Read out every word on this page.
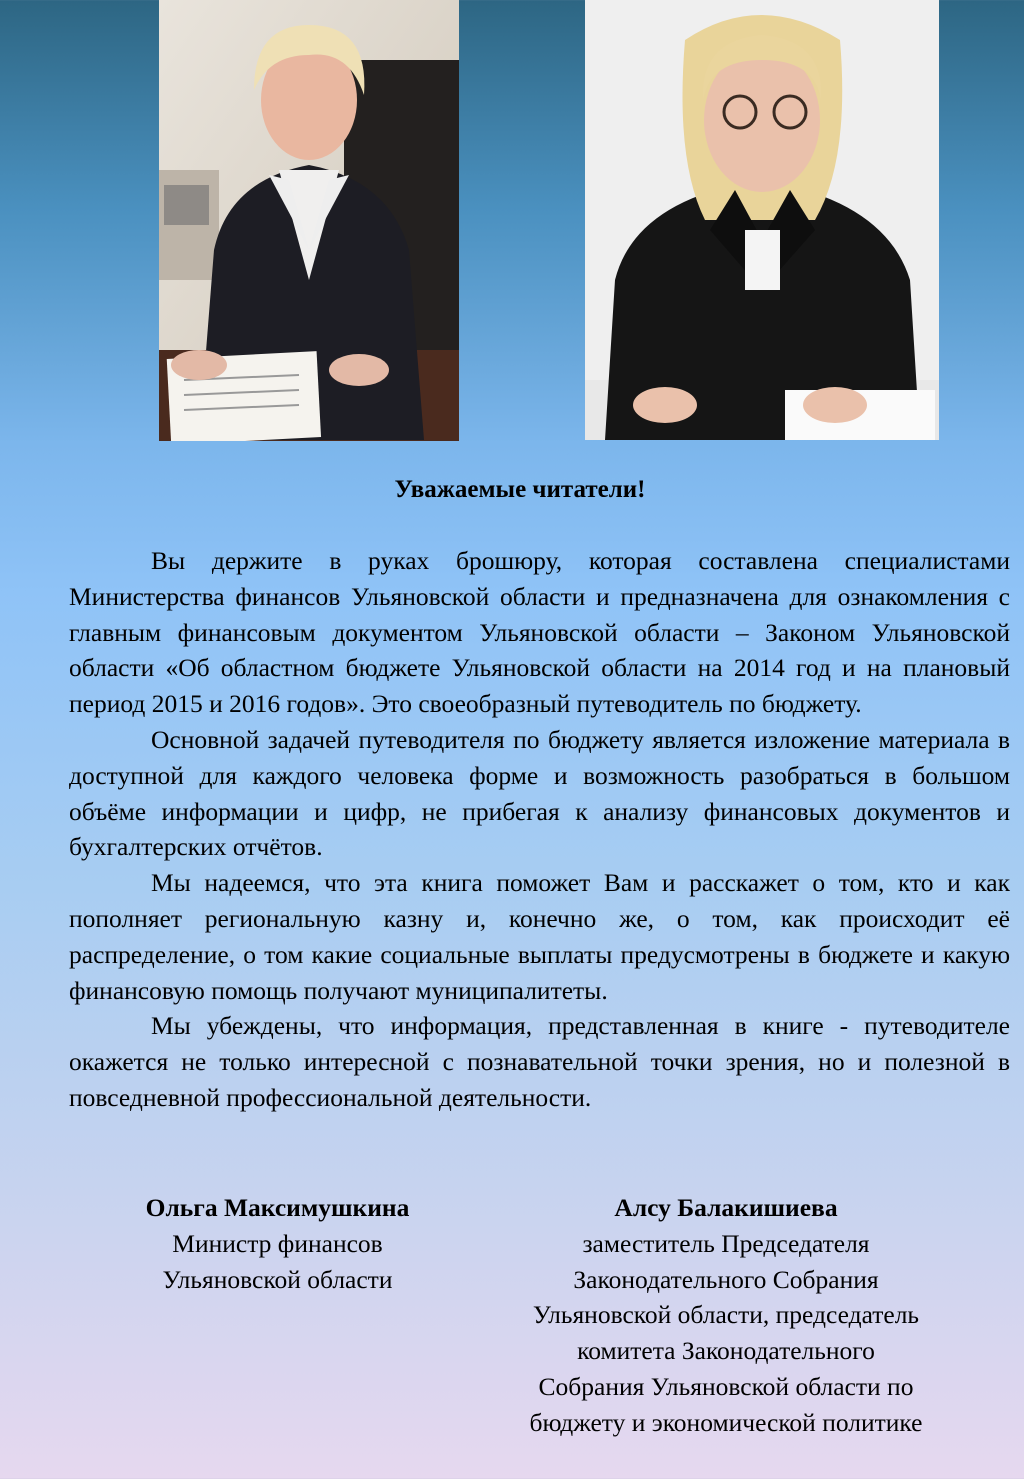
Уважаемые читатели!

Вы держите в руках брошюру, которая составлена специалистами Министерства финансов Ульяновской области и предназначена для ознакомления с главным финансовым документом Ульяновской области – Законом Ульяновской области «Об областном бюджете Ульяновской области на 2014 год и на плановый период 2015 и 2016 годов». Это своеобразный путеводитель по бюджету.

Основной задачей путеводителя по бюджету является изложение материала в доступной для каждого человека форме и возможность разобраться в большом объёме информации и цифр, не прибегая к анализу финансовых документов и бухгалтерских отчётов.

Мы надеемся, что эта книга поможет Вам и расскажет о том, кто и как пополняет региональную казну и, конечно же, о том, как происходит её распределение, о том какие социальные выплаты предусмотрены в бюджете и какую финансовую помощь получают муниципалитеты.

Мы убеждены, что информация, представленная в книге - путеводителе окажется не только интересной с познавательной точки зрения, но и полезной в повседневной профессиональной деятельности.

Ольга Максимушкина
Министр финансов
Ульяновской области
Алсу Балакишиева
заместитель Председателя
Законодательного Собрания
Ульяновской области, председатель
комитета Законодательного
Собрания Ульяновской области по
бюджету и экономической политике
